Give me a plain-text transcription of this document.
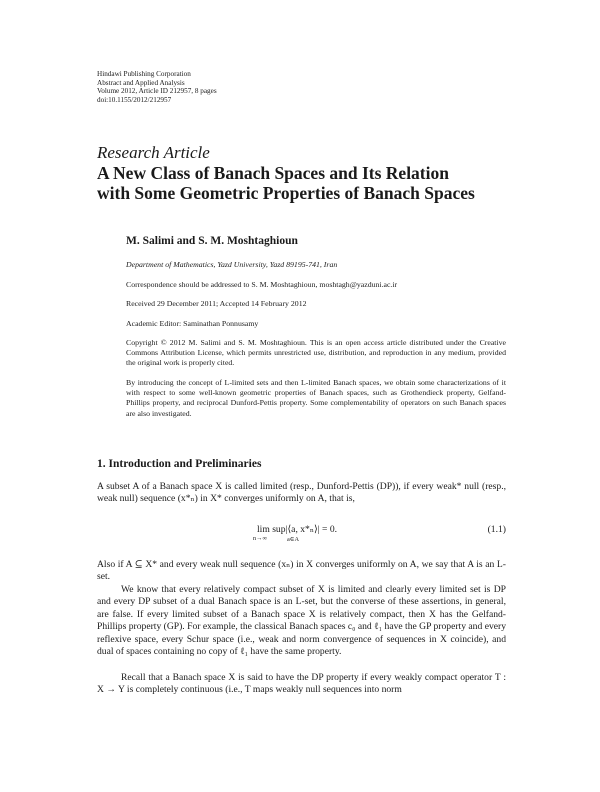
Hindawi Publishing Corporation
Abstract and Applied Analysis
Volume 2012, Article ID 212957, 8 pages
doi:10.1155/2012/212957
Research Article
A New Class of Banach Spaces and Its Relation
with Some Geometric Properties of Banach Spaces
M. Salimi and S. M. Moshtaghioun
Department of Mathematics, Yazd University, Yazd 89195-741, Iran
Correspondence should be addressed to S. M. Moshtaghioun, moshtagh@yazduni.ac.ir
Received 29 December 2011; Accepted 14 February 2012
Academic Editor: Saminathan Ponnusamy
Copyright © 2012 M. Salimi and S. M. Moshtaghioun. This is an open access article distributed under the Creative Commons Attribution License, which permits unrestricted use, distribution, and reproduction in any medium, provided the original work is properly cited.
By introducing the concept of L-limited sets and then L-limited Banach spaces, we obtain some characterizations of it with respect to some well-known geometric properties of Banach spaces, such as Grothendieck property, Gelfand-Phillips property, and reciprocal Dunford-Pettis property. Some complementability of operators on such Banach spaces are also investigated.
1. Introduction and Preliminaries

A subset A of a Banach space X is called limited (resp., Dunford-Pettis (DP)), if every weak* null (resp., weak null) sequence (x*ₙ) in X* converges uniformly on A, that is,

lim sup|⟨a, x*ₙ⟩| = 0.
n→∞	a∈A
(1.1)

Also if A ⊆ X* and every weak null sequence (xₙ) in X converges uniformly on A, we say that A is an L-set.

We know that every relatively compact subset of X is limited and clearly every limited set is DP and every DP subset of a dual Banach space is an L-set, but the converse of these assertions, in general, are false. If every limited subset of a Banach space X is relatively compact, then X has the Gelfand-Phillips property (GP). For example, the classical Banach spaces c₀ and ℓ₁ have the GP property and every reflexive space, every Schur space (i.e., weak and norm convergence of sequences in X coincide), and dual of spaces containing no copy of ℓ₁ have the same property.

Recall that a Banach space X is said to have the DP property if every weakly compact operator T : X → Y is completely continuous (i.e., T maps weakly null sequences into norm
